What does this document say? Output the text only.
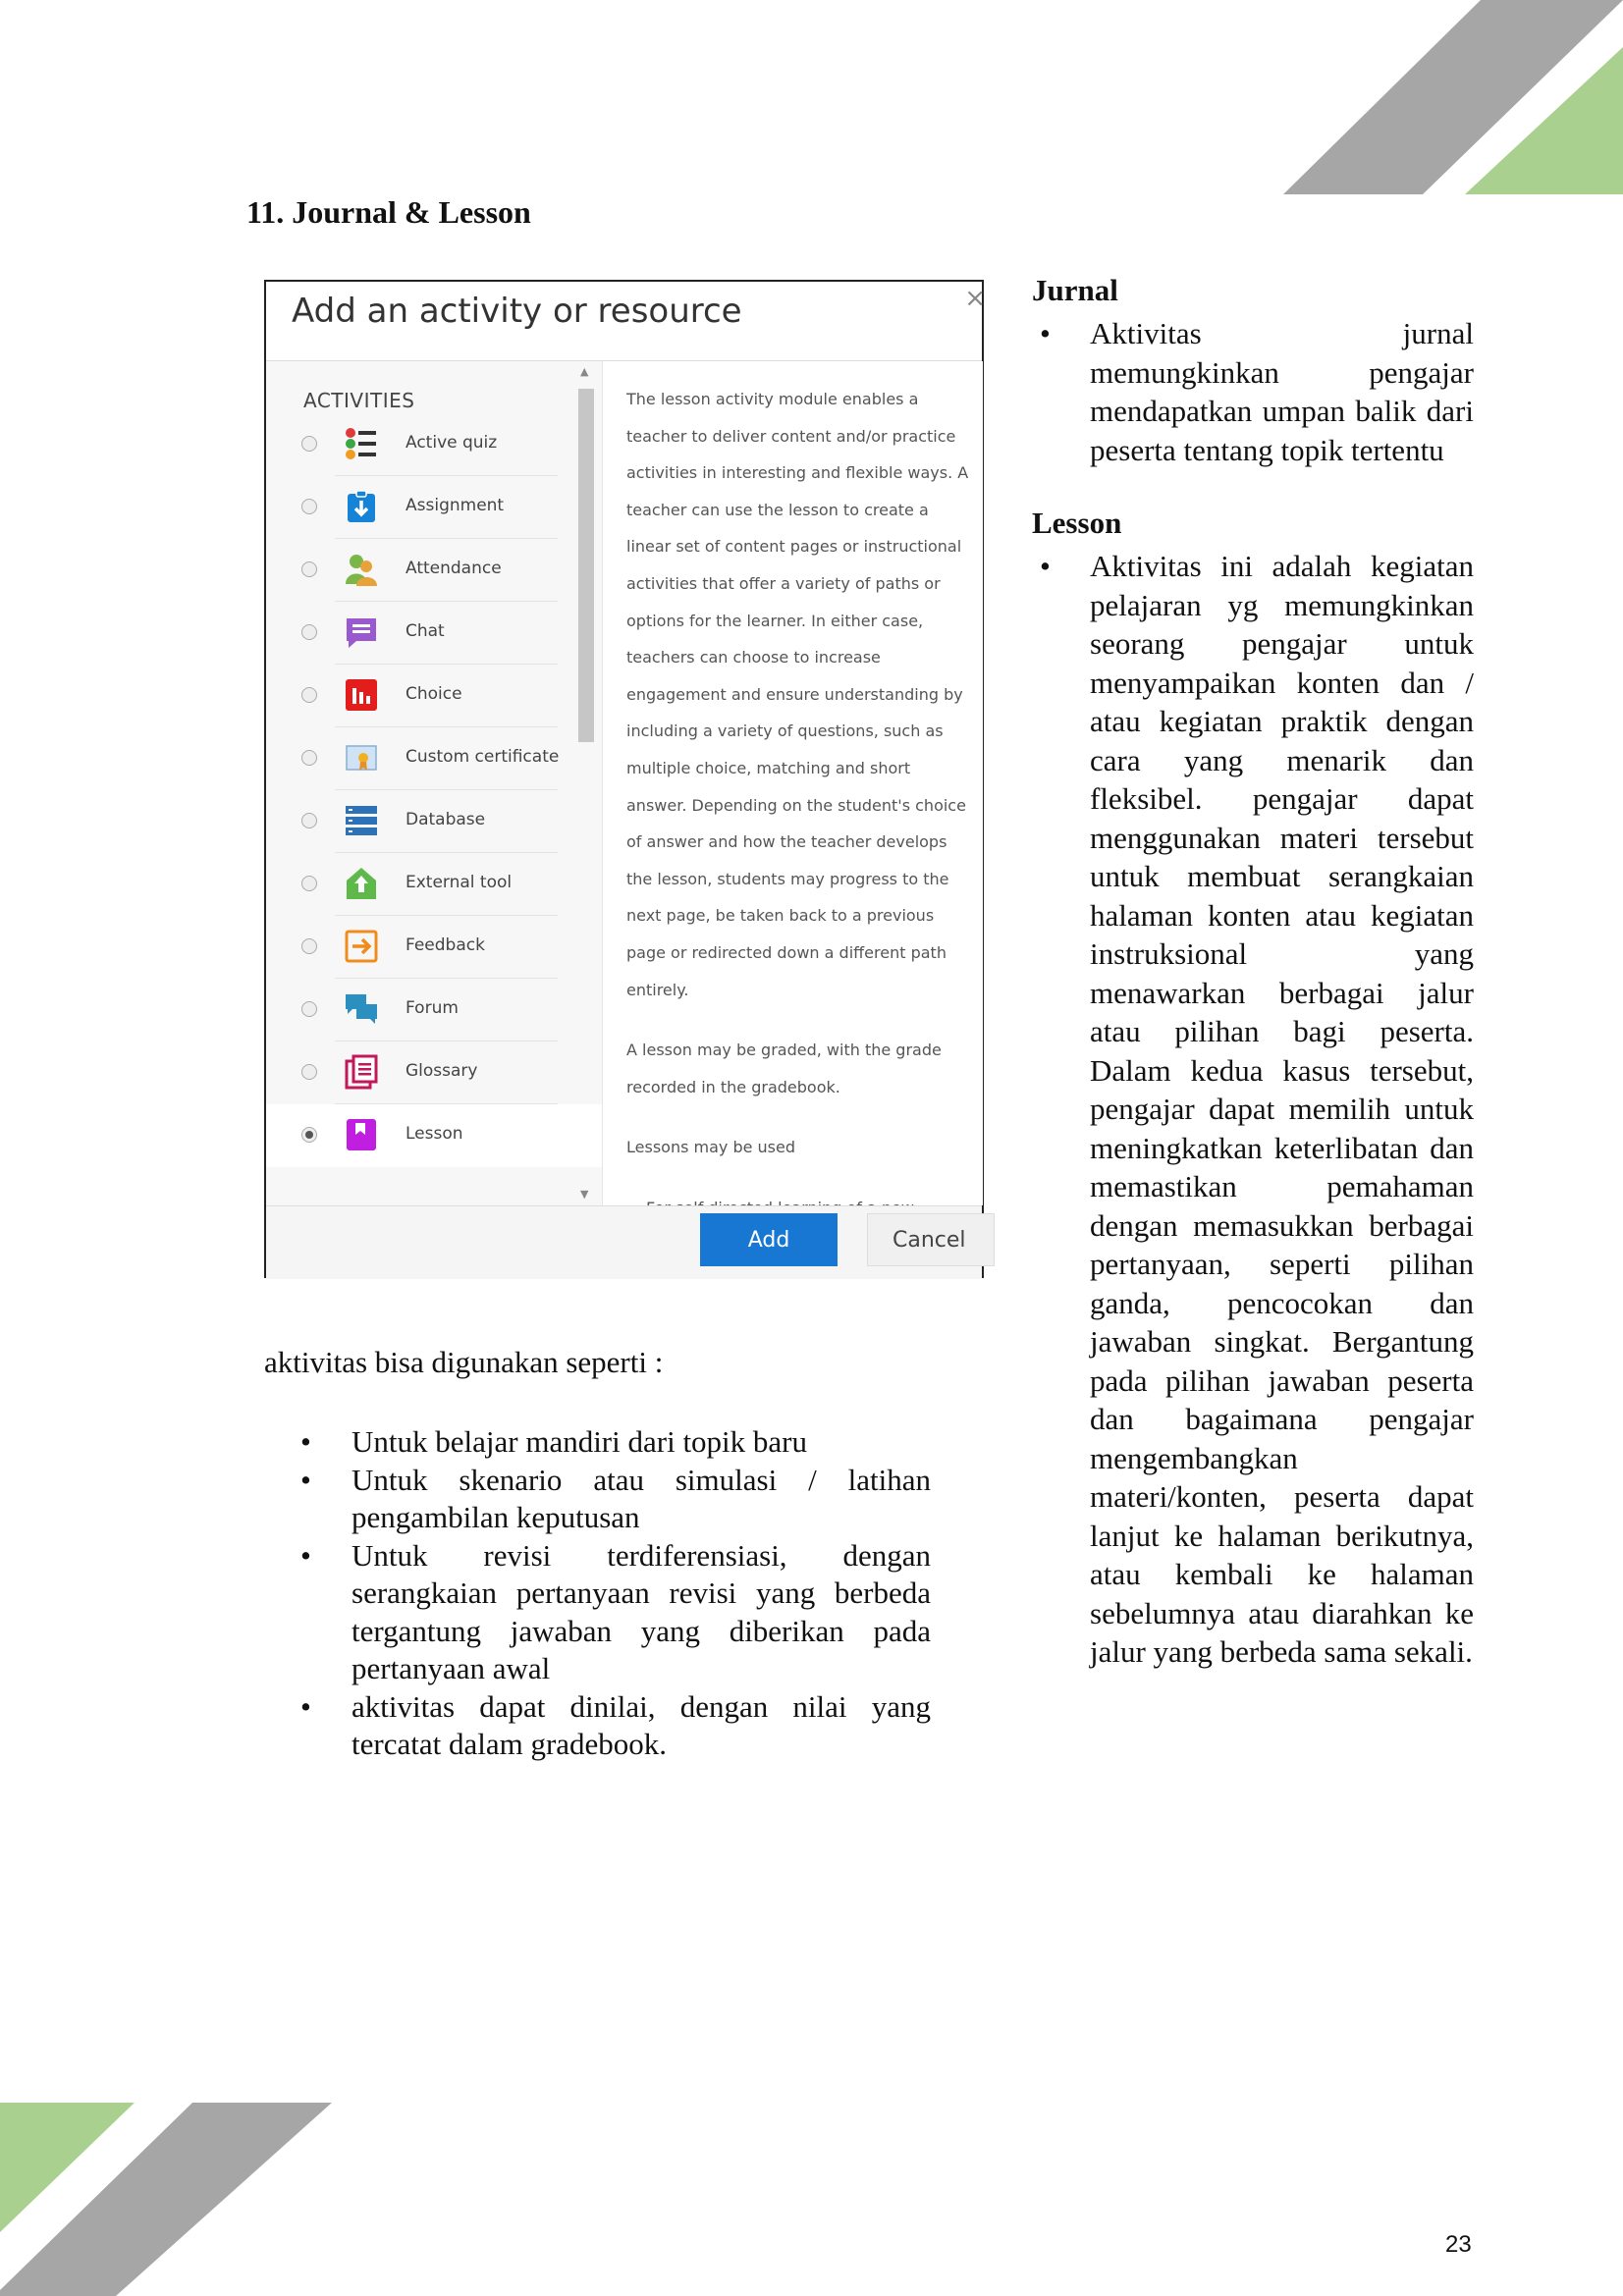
11. Journal & Lesson
Add an activity or resource	×
ACTIVITIES
Active quiz
Assignment
Attendance
Chat
Choice
Custom certificate
Database
External tool
Feedback
Forum
Glossary
Lesson
▲
▼

The lesson activity module enables a teacher to deliver content and/or practice activities in interesting and flexible ways. A teacher can use the lesson to create a linear set of content pages or instructional activities that offer a variety of paths or options for the learner. In either case, teachers can choose to increase engagement and ensure understanding by including a variety of questions, such as multiple choice, matching and short answer. Depending on the student's choice of answer and how the teacher develops the lesson, students may progress to the next page, be taken back to a previous page or redirected down a different path entirely.

A lesson may be graded, with the grade recorded in the gradebook.

Lessons may be used

•
Add	Cancel

aktivitas bisa digunakan seperti :

• Untuk belajar mandiri dari topik baru
• Untuk skenario atau simulasi / latihan pengambilan keputusan
• Untuk revisi terdiferensiasi, dengan serangkaian pertanyaan revisi yang berbeda tergantung jawaban yang diberikan pada pertanyaan awal
• aktivitas dapat dinilai, dengan nilai yang tercatat dalam gradebook.
Jurnal
• Aktivitas jurnal memungkinkan pengajar mendapatkan umpan balik dari peserta tentang topik tertentu
Lesson
• Aktivitas ini adalah kegiatan pelajaran yg memungkinkan seorang pengajar untuk menyampaikan konten dan / atau kegiatan praktik dengan cara yang menarik dan fleksibel. pengajar dapat menggunakan materi tersebut untuk membuat serangkaian halaman konten atau kegiatan instruksional yang menawarkan berbagai jalur atau pilihan bagi peserta. Dalam kedua kasus tersebut, pengajar dapat memilih untuk meningkatkan keterlibatan dan memastikan pemahaman dengan memasukkan berbagai pertanyaan, seperti pilihan ganda, pencocokan dan jawaban singkat. Bergantung pada pilihan jawaban peserta dan bagaimana pengajar mengembangkan materi/konten, peserta dapat lanjut ke halaman berikutnya, atau kembali ke halaman sebelumnya atau diarahkan ke jalur yang berbeda sama sekali.
23
